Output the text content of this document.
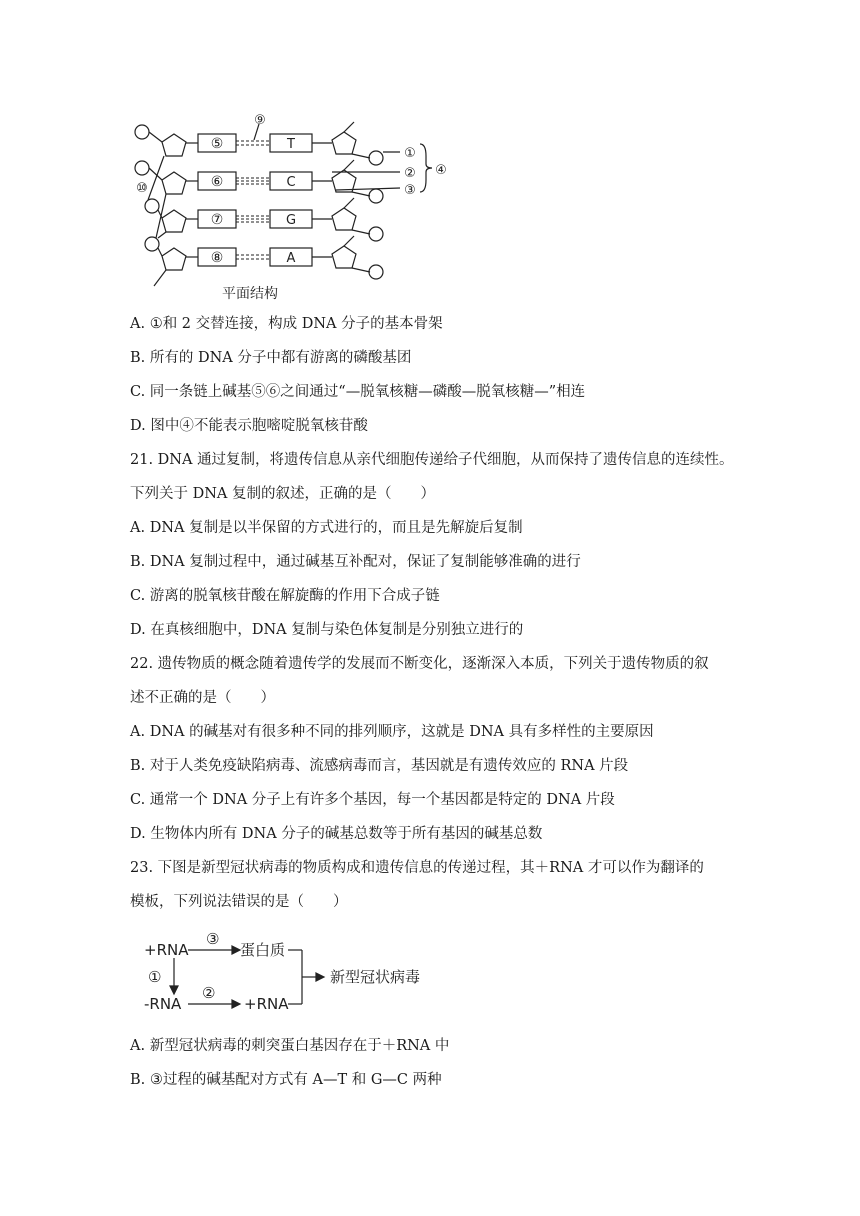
⑤
⑥
⑦
⑧
T
C
G
A
⑨
⑩
①
②
③
④
平面结构
A. ①和 2 交替连接，构成 DNA 分子的基本骨架
B. 所有的 DNA 分子中都有游离的磷酸基团
C. 同一条链上碱基⑤⑥之间通过“—脱氧核糖—磷酸—脱氧核糖—”相连
D. 图中④不能表示胞嘧啶脱氧核苷酸
21. DNA 通过复制，将遗传信息从亲代细胞传递给子代细胞，从而保持了遗传信息的连续性。
下列关于 DNA 复制的叙述，正确的是（　　）
A. DNA 复制是以半保留的方式进行的，而且是先解旋后复制
B. DNA 复制过程中，通过碱基互补配对，保证了复制能够准确的进行
C. 游离的脱氧核苷酸在解旋酶的作用下合成子链
D. 在真核细胞中，DNA 复制与染色体复制是分别独立进行的
22. 遗传物质的概念随着遗传学的发展而不断变化，逐渐深入本质，下列关于遗传物质的叙
述不正确的是（　　）
A. DNA 的碱基对有很多种不同的排列顺序，这就是 DNA 具有多样性的主要原因
B. 对于人类免疫缺陷病毒、流感病毒而言，基因就是有遗传效应的 RNA 片段
C. 通常一个 DNA 分子上有许多个基因，每一个基因都是特定的 DNA 片段
D. 生物体内所有 DNA 分子的碱基总数等于所有基因的碱基总数
23. 下图是新型冠状病毒的物质构成和遗传信息的传递过程，其＋RNA 才可以作为翻译的
模板，下列说法错误的是（　　）
+RNA
③
蛋白质
①
-RNA
②
+RNA
新型冠状病毒
A. 新型冠状病毒的刺突蛋白基因存在于＋RNA 中
B. ③过程的碱基配对方式有 A—T 和 G—C 两种
